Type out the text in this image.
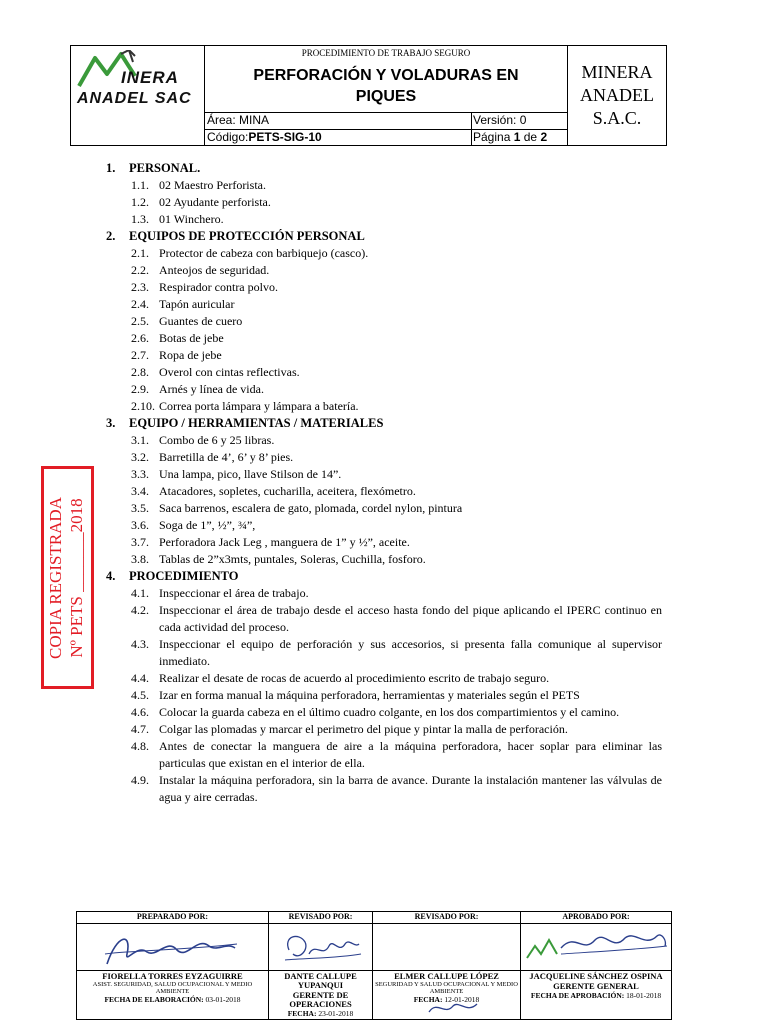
INERA
ANADEL SAC
PROCEDIMIENTO DE TRABAJO SEGURO
PERFORACIÓN Y VOLADURAS EN PIQUES
Área: MINA	Versión: 0
Código:PETS-SIG-10	Página 1 de 2
MINERA
ANADEL
S.A.C.
COPIA REGISTRADA Nº PETS _______2018

1. PERSONAL.

1.1. 02 Maestro Perforista.

1.2. 02 Ayudante perforista.

1.3. 01 Winchero.

2. EQUIPOS DE PROTECCIÓN PERSONAL

2.1. Protector de cabeza con barbiquejo (casco).

2.2. Anteojos de seguridad.

2.3. Respirador contra polvo.

2.4. Tapón auricular

2.5. Guantes de cuero

2.6. Botas de jebe

2.7. Ropa de jebe

2.8. Overol con cintas reflectivas.

2.9. Arnés y línea de vida.

2.10. Correa porta lámpara y lámpara a batería.

3. EQUIPO / HERRAMIENTAS / MATERIALES

3.1. Combo de 6 y 25 libras.

3.2. Barretilla de 4’, 6’ y 8’ pies.

3.3. Una lampa, pico, llave Stilson de 14”.

3.4. Atacadores, sopletes, cucharilla, aceitera, flexómetro.

3.5. Saca barrenos, escalera de gato, plomada, cordel nylon, pintura

3.6. Soga de 1”, ½”, ¾”,

3.7. Perforadora Jack Leg , manguera de 1” y ½”, aceite.

3.8. Tablas de 2”x3mts, puntales, Soleras, Cuchilla, fosforo.

4. PROCEDIMIENTO

4.1. Inspeccionar el área de trabajo.

4.2. Inspeccionar el área de trabajo desde el acceso hasta fondo del pique aplicando el IPERC continuo en cada actividad del proceso.

4.3. Inspeccionar el equipo de perforación y sus accesorios, si presenta falla comunique al supervisor inmediato.

4.4. Realizar el desate de rocas de acuerdo al procedimiento escrito de trabajo seguro.

4.5. Izar en forma manual la máquina perforadora, herramientas y materiales según el PETS

4.6. Colocar la guarda cabeza en el último cuadro colgante, en los dos compartimientos y el camino.

4.7. Colgar las plomadas y marcar el perimetro del pique y pintar la malla de perforación.

4.8. Antes de conectar la manguera de aire a la máquina perforadora, hacer soplar para eliminar las particulas que existan en el interior de ella.

4.9. Instalar la máquina perforadora, sin la barra de avance. Durante la instalación mantener las válvulas de agua y aire cerradas.

PREPARADO POR:
FIORELLA TORRES EYZAGUIRRE
ASIST. SEGURIDAD, SALUD OCUPACIONAL Y MEDIO AMBIENTE
FECHA DE ELABORACIÓN: 03-01-2018
REVISADO POR:
DANTE CALLUPE YUPANQUI
GERENTE DE OPERACIONES
FECHA: 23-01-2018
REVISADO POR:
ELMER CALLUPE LÓPEZ
SEGURIDAD Y SALUD OCUPACIONAL Y MEDIO AMBIENTE
FECHA: 12-01-2018
APROBADO POR:
JACQUELINE SÁNCHEZ OSPINA
GERENTE GENERAL
FECHA DE APROBACIÓN: 18-01-2018
